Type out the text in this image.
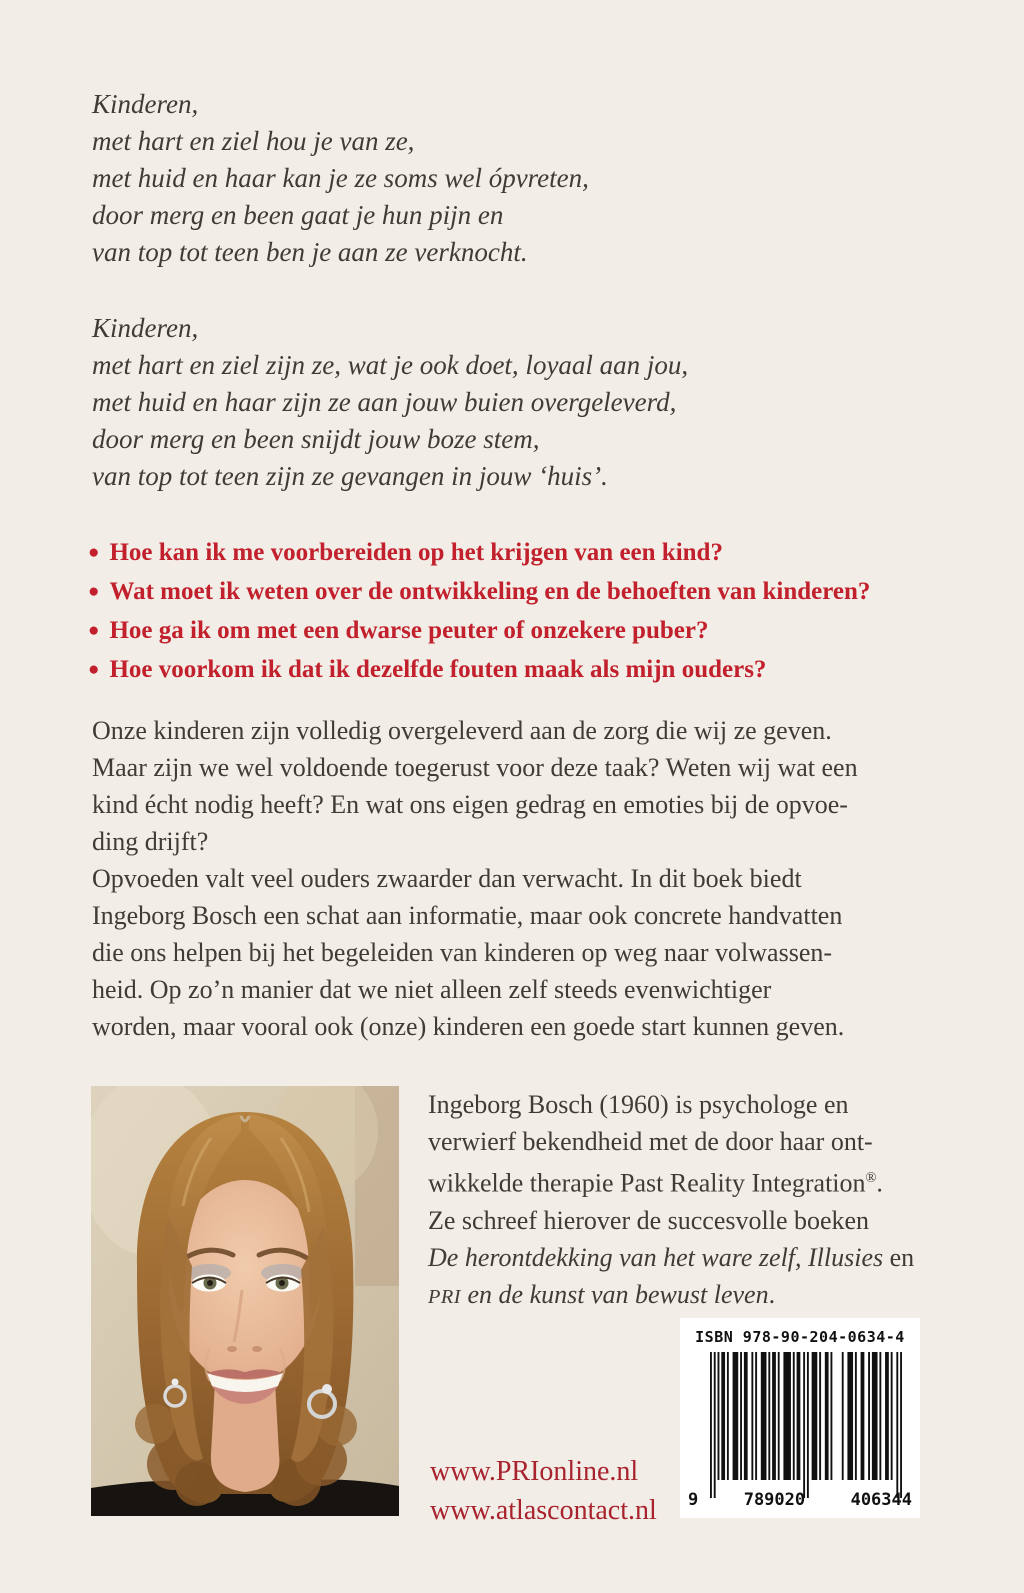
Kinderen,
met hart en ziel hou je van ze,
met huid en haar kan je ze soms wel ópvreten,
door merg en been gaat je hun pijn en
van top tot teen ben je aan ze verknocht.
Kinderen,
met hart en ziel zijn ze, wat je ook doet, loyaal aan jou,
met huid en haar zijn ze aan jouw buien overgeleverd,
door merg en been snijdt jouw boze stem,
van top tot teen zijn ze gevangen in jouw ‘huis’.
● Hoe kan ik me voorbereiden op het krijgen van een kind?
● Wat moet ik weten over de ontwikkeling en de behoeften van kinderen?
● Hoe ga ik om met een dwarse peuter of onzekere puber?
● Hoe voorkom ik dat ik dezelfde fouten maak als mijn ouders?
Onze kinderen zijn volledig overgeleverd aan de zorg die wij ze geven.
Maar zijn we wel voldoende toegerust voor deze taak? Weten wij wat een
kind écht nodig heeft? En wat ons eigen gedrag en emoties bij de opvoe-
ding drijft?
Opvoeden valt veel ouders zwaarder dan verwacht. In dit boek biedt
Ingeborg Bosch een schat aan informatie, maar ook concrete handvatten
die ons helpen bij het begeleiden van kinderen op weg naar volwassen-
heid. Op zo’n manier dat we niet alleen zelf steeds evenwichtiger
worden, maar vooral ook (onze) kinderen een goede start kunnen geven.
Ingeborg Bosch (1960) is psychologe en
verwierf bekendheid met de door haar ont-
wikkelde therapie Past Reality Integration®.
Ze schreef hierover de succesvolle boeken
De herontdekking van het ware zelf, Illusies en
PRI en de kunst van bewust leven.
ISBN 978-90-204-0634-4
9	789020	406344
www.PRIonline.nl
www.atlascontact.nl
